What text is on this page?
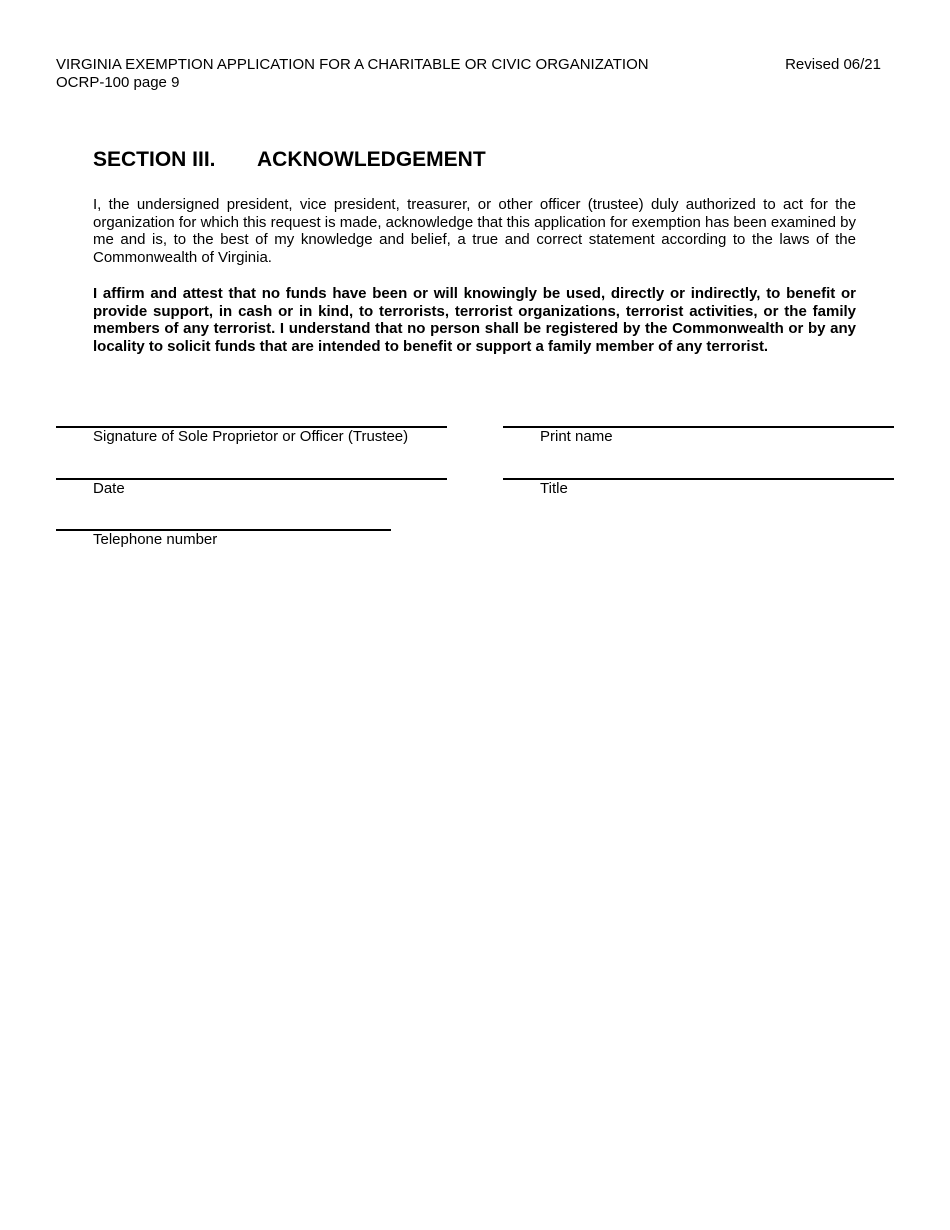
VIRGINIA EXEMPTION APPLICATION FOR A CHARITABLE OR CIVIC ORGANIZATION
OCRP-100 page 9
Revised 06/21
SECTION III. ACKNOWLEDGEMENT

I, the undersigned president, vice president, treasurer, or other officer (trustee) duly authorized to act for the organization for which this request is made, acknowledge that this application for exemption has been examined by me and is, to the best of my knowledge and belief, a true and correct statement according to the laws of the Commonwealth of Virginia.

I affirm and attest that no funds have been or will knowingly be used, directly or indirectly, to benefit or provide support, in cash or in kind, to terrorists, terrorist organizations, terrorist activities, or the family members of any terrorist. I understand that no person shall be registered by the Commonwealth or by any locality to solicit funds that are intended to benefit or support a family member of any terrorist.

Signature of Sole Proprietor or Officer (Trustee)	Print name
Date	Title
Telephone number
